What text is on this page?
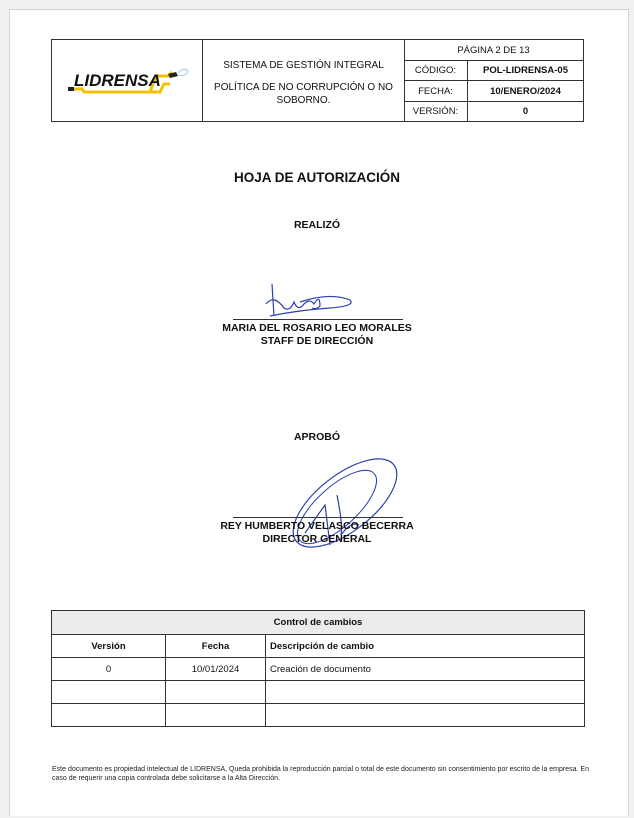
LIDRENSA
SISTEMA DE GESTIÓN INTEGRAL
POLÍTICA DE NO CORRUPCIÓN O NO SOBORNO.
PÁGINA 2 DE 13
CÓDIGO:	POL-LIDRENSA-05
FECHA:	10/ENERO/2024
VERSIÓN:	0
HOJA DE AUTORIZACIÓN
REALIZÓ
MARIA DEL ROSARIO LEO MORALES
STAFF DE DIRECCIÓN
APROBÓ
REY HUMBERTO VELASCO BECERRA
DIRECTOR GENERAL
Control de cambios		
Versión	Fecha	Descripción de cambio
0	10/01/2024	Creación de documento

Este documento es propiedad intelectual de LIDRENSA, Queda prohibida la reproducción parcial o total de este documento sin consentimiento por escrito de la empresa. En caso de requerir una copia controlada debe solicitarse a la Alta Dirección.
